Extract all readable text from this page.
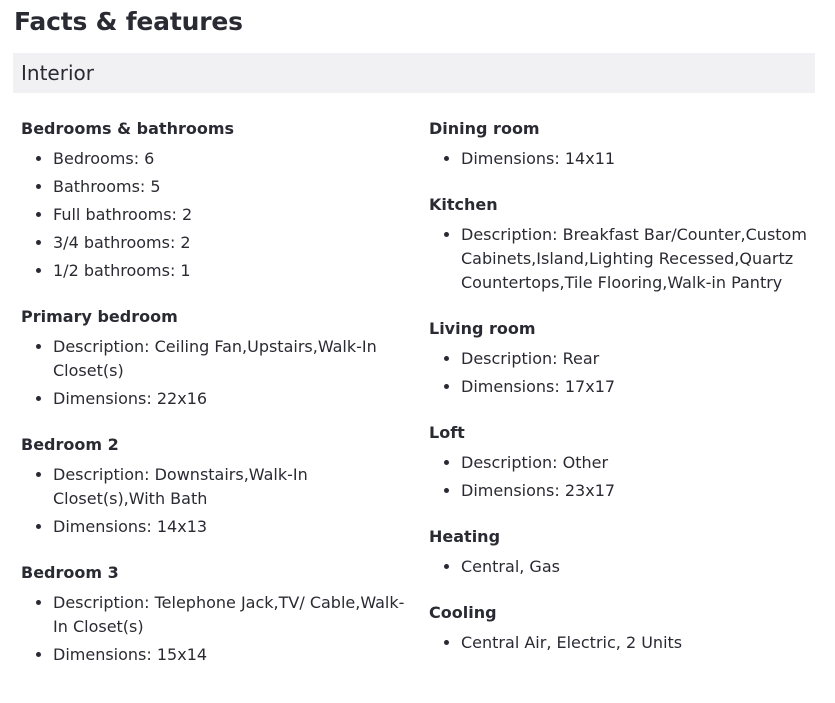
Facts & features
Interior
Bedrooms & bathrooms
• Bedrooms: 6
• Bathrooms: 5
• Full bathrooms: 2
• 3/4 bathrooms: 2
• 1/2 bathrooms: 1
Primary bedroom
• Description: Ceiling Fan,Upstairs,Walk-In Closet(s)
• Dimensions: 22x16
Bedroom 2
• Description: Downstairs,Walk-In Closet(s),With Bath
• Dimensions: 14x13
Bedroom 3
• Description: Telephone Jack,TV/ Cable,Walk-In Closet(s)
• Dimensions: 15x14
Dining room
• Dimensions: 14x11
Kitchen
• Description: Breakfast Bar/Counter,Custom Cabinets,Island,Lighting Recessed,Quartz Countertops,Tile Flooring,Walk-in Pantry
Living room
• Description: Rear
• Dimensions: 17x17
Loft
• Description: Other
• Dimensions: 23x17
Heating
• Central, Gas
Cooling
• Central Air, Electric, 2 Units
